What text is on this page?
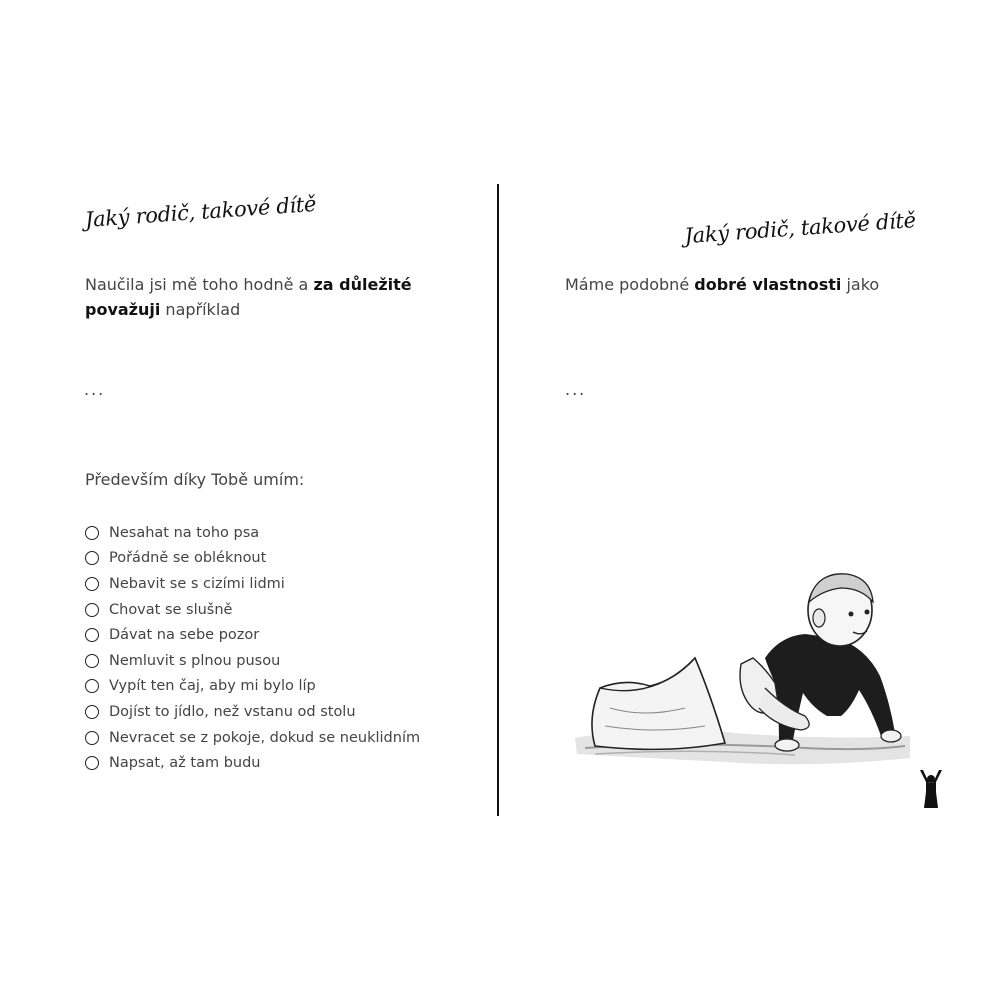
Jaký rodič, takové dítě
Naučila jsi mě toho hodně a za důležité považuji například
...
Především díky Tobě umím:
Nesahat na toho psa
Pořádně se obléknout
Nebavit se s cizími lidmi
Chovat se slušně
Dávat na sebe pozor
Nemluvit s plnou pusou
Vypít ten čaj, aby mi bylo líp
Dojíst to jídlo, než vstanu od stolu
Nevracet se z pokoje, dokud se neuklidním
Napsat, až tam budu
Jaký rodič, takové dítě
Máme podobné dobré vlastnosti jako
...
